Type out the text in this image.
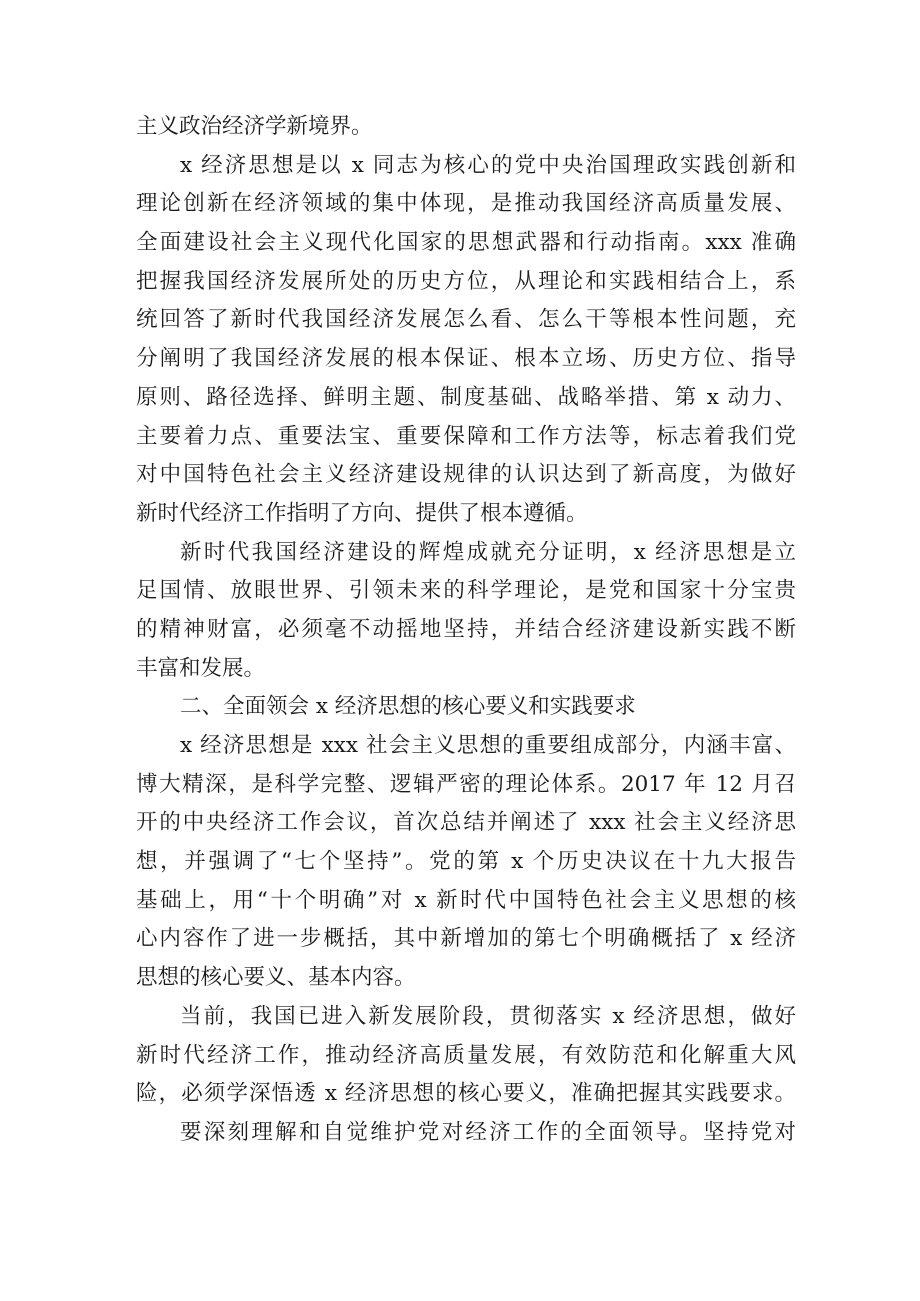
主义政治经济学新境界。
x 经济思想是以 x 同志为核心的党中央治国理政实践创新和
理论创新在经济领域的集中体现，是推动我国经济高质量发展、
全面建设社会主义现代化国家的思想武器和行动指南。xxx 准确
把握我国经济发展所处的历史方位，从理论和实践相结合上，系
统回答了新时代我国经济发展怎么看、怎么干等根本性问题，充
分阐明了我国经济发展的根本保证、根本立场、历史方位、指导
原则、路径选择、鲜明主题、制度基础、战略举措、第 x 动力、
主要着力点、重要法宝、重要保障和工作方法等，标志着我们党
对中国特色社会主义经济建设规律的认识达到了新高度，为做好
新时代经济工作指明了方向、提供了根本遵循。
新时代我国经济建设的辉煌成就充分证明，x 经济思想是立
足国情、放眼世界、引领未来的科学理论，是党和国家十分宝贵
的精神财富，必须毫不动摇地坚持，并结合经济建设新实践不断
丰富和发展。
二、全面领会 x 经济思想的核心要义和实践要求
x 经济思想是 xxx 社会主义思想的重要组成部分，内涵丰富、
博大精深，是科学完整、逻辑严密的理论体系。2017 年 12 月召
开的中央经济工作会议，首次总结并阐述了 xxx 社会主义经济思
想，并强调了“七个坚持”。党的第 x 个历史决议在十九大报告
基础上，用“十个明确”对 x 新时代中国特色社会主义思想的核
心内容作了进一步概括，其中新增加的第七个明确概括了 x 经济
思想的核心要义、基本内容。
当前，我国已进入新发展阶段，贯彻落实 x 经济思想，做好
新时代经济工作，推动经济高质量发展，有效防范和化解重大风
险，必须学深悟透 x 经济思想的核心要义，准确把握其实践要求。
要深刻理解和自觉维护党对经济工作的全面领导。坚持党对
